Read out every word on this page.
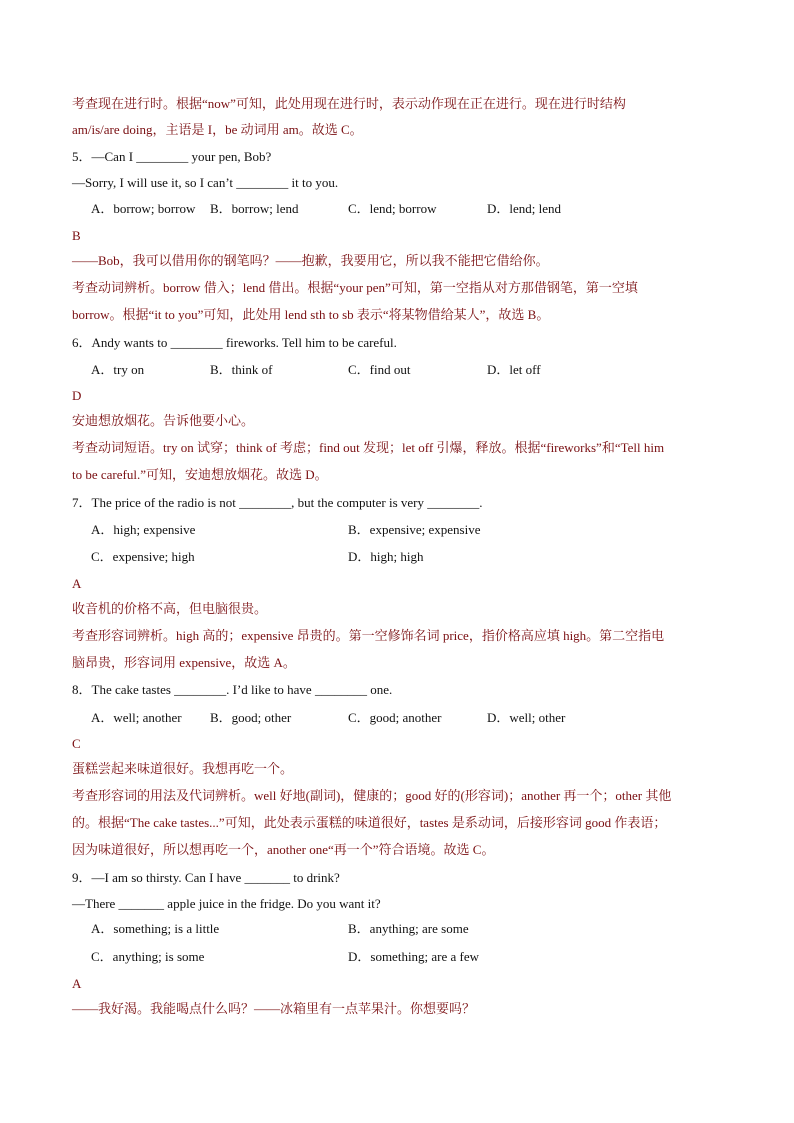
考查现在进行时。根据“now”可知，此处用现在进行时，表示动作现在正在进行。现在进行时结构
am/is/are doing，主语是 I，be 动词用 am。故选 C。
5．—Can I ________ your pen, Bob?
—Sorry, I will use it, so I can’t ________ it to you.
A．borrow; borrow B．borrow; lend	C．lend; borrow	D．lend; lend
B
——Bob，我可以借用你的钢笔吗？——抱歉，我要用它，所以我不能把它借给你。
考查动词辨析。borrow 借入；lend 借出。根据“your pen”可知，第一空指从对方那借钢笔，第一空填
borrow。根据“it to you”可知，此处用 lend sth to sb 表示“将某物借给某人”，故选 B。
6．Andy wants to ________ fireworks. Tell him to be careful.
A．try on	B．think of	C．find out	D．let off
D
安迪想放烟花。告诉他要小心。
考查动词短语。try on 试穿；think of 考虑；find out 发现；let off 引爆，释放。根据“fireworks”和“Tell him
to be careful.”可知，安迪想放烟花。故选 D。
7．The price of the radio is not ________, but the computer is very ________.
A．high; expensive	B．expensive; expensive
C．expensive; high	D．high; high
A
收音机的价格不高，但电脑很贵。
考查形容词辨析。high 高的；expensive 昂贵的。第一空修饰名词 price，指价格高应填 high。第二空指电
脑昂贵，形容词用 expensive，故选 A。
8．The cake tastes ________. I’d like to have ________ one.
A．well; another B．good; other	C．good; another	D．well; other
C
蛋糕尝起来味道很好。我想再吃一个。
考查形容词的用法及代词辨析。well 好地(副词)，健康的；good 好的(形容词)；another 再一个；other 其他
的。根据“The cake tastes...”可知，此处表示蛋糕的味道很好，tastes 是系动词，后接形容词 good 作表语；
因为味道很好，所以想再吃一个，another one“再一个”符合语境。故选 C。
9．—I am so thirsty. Can I have _______ to drink?
—There _______ apple juice in the fridge. Do you want it?
A．something; is a little	B．anything; are some
C．anything; is some	D．something; are a few
A
——我好渴。我能喝点什么吗？——冰箱里有一点苹果汁。你想要吗？
